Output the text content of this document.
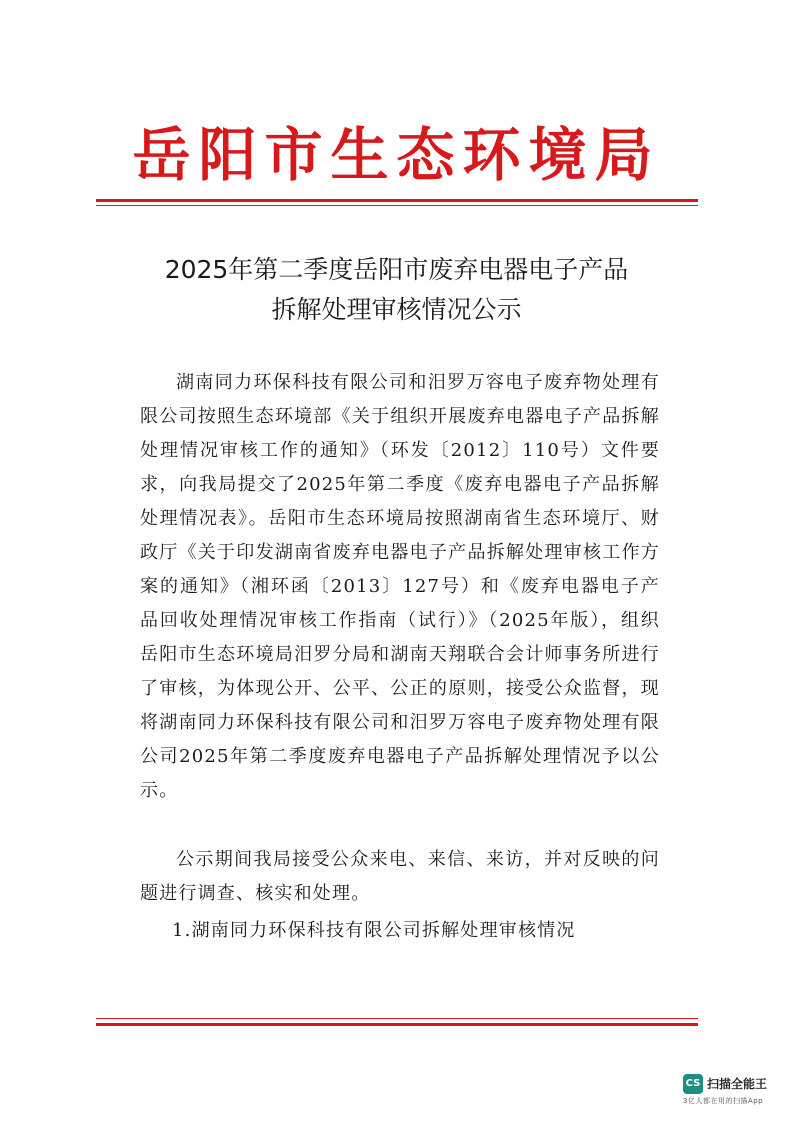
岳阳市生态环境局
2025年第二季度岳阳市废弃电器电子产品
拆解处理审核情况公示

湖南同力环保科技有限公司和汨罗万容电子废弃物处理有限公司按照生态环境部《关于组织开展废弃电器电子产品拆解处理情况审核工作的通知》（环发〔2012〕110号）文件要求，向我局提交了2025年第二季度《废弃电器电子产品拆解处理情况表》。岳阳市生态环境局按照湖南省生态环境厅、财政厅《关于印发湖南省废弃电器电子产品拆解处理审核工作方案的通知》（湘环函〔2013〕127号）和《废弃电器电子产品回收处理情况审核工作指南（试行）》（2025年版），组织岳阳市生态环境局汨罗分局和湖南天翔联合会计师事务所进行了审核，为体现公开、公平、公正的原则，接受公众监督，现将湖南同力环保科技有限公司和汨罗万容电子废弃物处理有限公司2025年第二季度废弃电器电子产品拆解处理情况予以公示。

公示期间我局接受公众来电、来信、来访，并对反映的问题进行调查、核实和处理。

1.湖南同力环保科技有限公司拆解处理审核情况

CS 扫描全能王
3亿人都在用的扫描App
